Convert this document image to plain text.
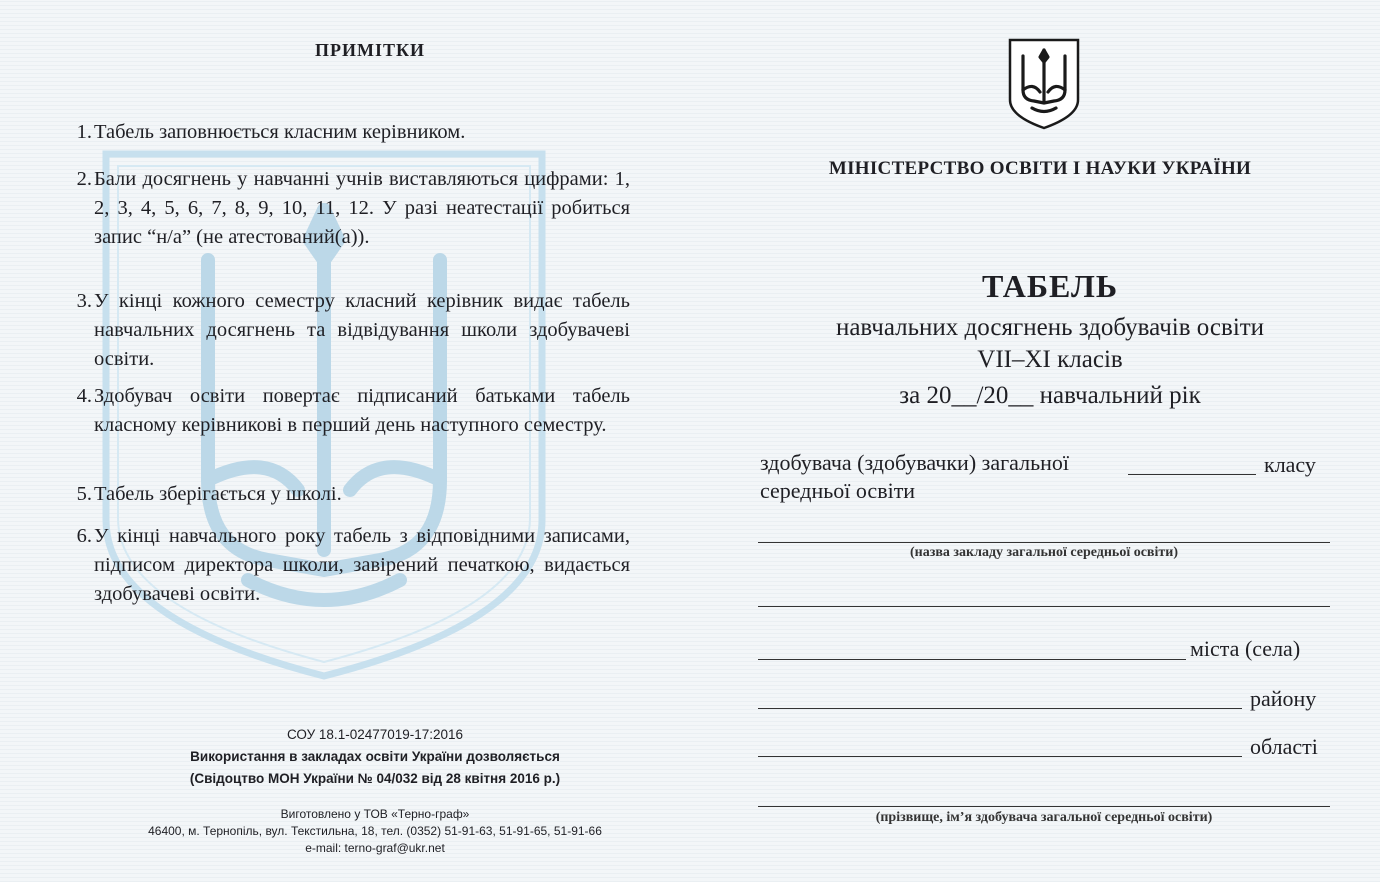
ПРИМІТКИ
1. Табель заповнюється класним керівником.
2. Бали досягнень у навчанні учнів виставляються цифрами: 1, 2, 3, 4, 5, 6, 7, 8, 9, 10, 11, 12. У разі неатестації робиться запис “н/а” (не атестований(а)).
3. У кінці кожного семестру класний керівник видає табель навчальних досягнень та відвідування школи здобувачеві освіти.
4. Здобувач освіти повертає підписаний батьками табель класному керівникові в перший день наступного семестру.
5. Табель зберігається у школі.
6. У кінці навчального року табель з відповідними записами, підписом директора школи, завірений печаткою, видається здобувачеві освіти.
СОУ 18.1-02477019-17:2016
Використання в закладах освіти України дозволяється
(Свідоцтво МОН України № 04/032 від 28 квітня 2016 р.)
Виготовлено у ТОВ «Терно-граф»
46400, м. Тернопіль, вул. Текстильна, 18, тел. (0352) 51-91-63, 51-91-65, 51-91-66
e-mail: terno-graf@ukr.net
МІНІСТЕРСТВО ОСВІТИ І НАУКИ УКРАЇНИ
ТАБЕЛЬ
навчальних досягнень здобувачів освіти
VII–XI класів
за 20__/20__ навчальний рік
здобувача (здобувачки) загальної	класу
середньої освіти
(назва закладу загальної середньої освіти)
міста (села)
району
області
(прізвище, ім’я здобувача загальної середньої освіти)
